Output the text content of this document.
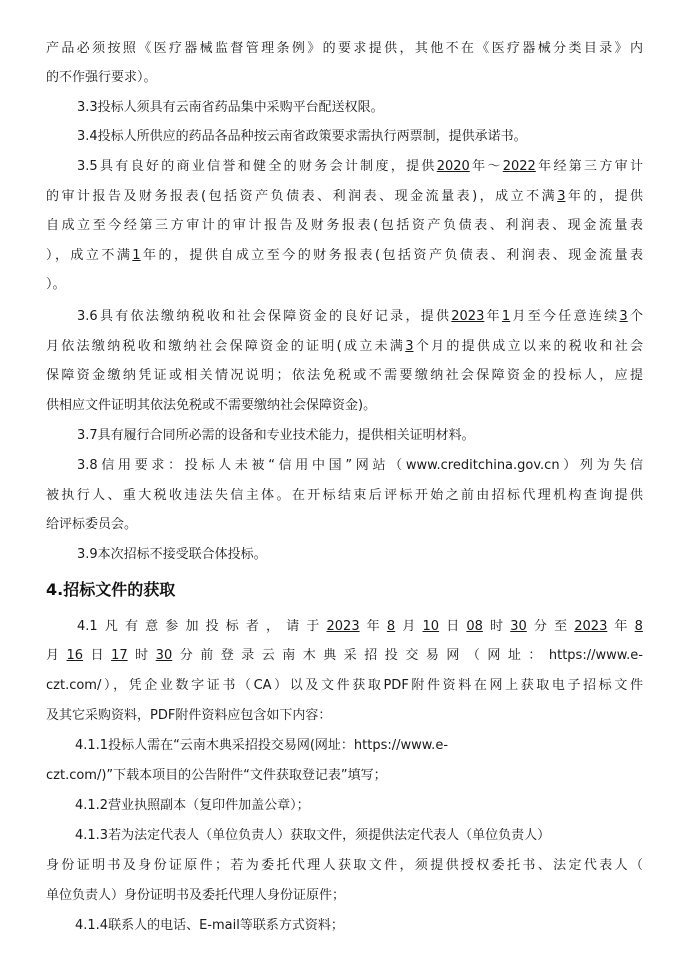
产品必须按照《医疗器械监督管理条例》的要求提供，其他不在《医疗器械分类目录》内
的不作强行要求）。
3.3投标人须具有云南省药品集中采购平台配送权限。
3.4投标人所供应的药品各品种按云南省政策要求需执行两票制，提供承诺书。
3.5具有良好的商业信誉和健全的财务会计制度，提供2020年～2022年经第三方审计
的审计报告及财务报表(包括资产负债表、利润表、现金流量表)，成立不满3年的，提供
自成立至今经第三方审计的审计报告及财务报表(包括资产负债表、利润表、现金流量表
），成立不满1年的，提供自成立至今的财务报表(包括资产负债表、利润表、现金流量表
）。
3.6具有依法缴纳税收和社会保障资金的良好记录，提供2023年1月至今任意连续3个
月依法缴纳税收和缴纳社会保障资金的证明(成立未满3个月的提供成立以来的税收和社会
保障资金缴纳凭证或相关情况说明；依法免税或不需要缴纳社会保障资金的投标人，应提
供相应文件证明其依法免税或不需要缴纳社会保障资金)。
3.7具有履行合同所必需的设备和专业技术能力，提供相关证明材料。
3.8信用要求：投标人未被“信用中国”网站（www.creditchina.gov.cn）列为失信
被执行人、重大税收违法失信主体。在开标结束后评标开始之前由招标代理机构查询提供
给评标委员会。
3.9本次招标不接受联合体投标。
4.招标文件的获取
4.1凡有意参加投标者，请于2023年8月10日08时30分至2023年8
月16日17时30分前登录云南木典采招投交易网（网址：https://www.e-
czt.com/），凭企业数字证书（CA）以及文件获取PDF附件资料在网上获取电子招标文件
及其它采购资料，PDF附件资料应包含如下内容：
4.1.1投标人需在“云南木典采招投交易网(网址：https://www.e-
czt.com/)”下载本项目的公告附件“文件获取登记表”填写；
4.1.2营业执照副本（复印件加盖公章）；
4.1.3若为法定代表人（单位负责人）获取文件，须提供法定代表人（单位负责人）
身份证明书及身份证原件；若为委托代理人获取文件，须提供授权委托书、法定代表人（
单位负责人）身份证明书及委托代理人身份证原件；
4.1.4联系人的电话、E-mail等联系方式资料；
